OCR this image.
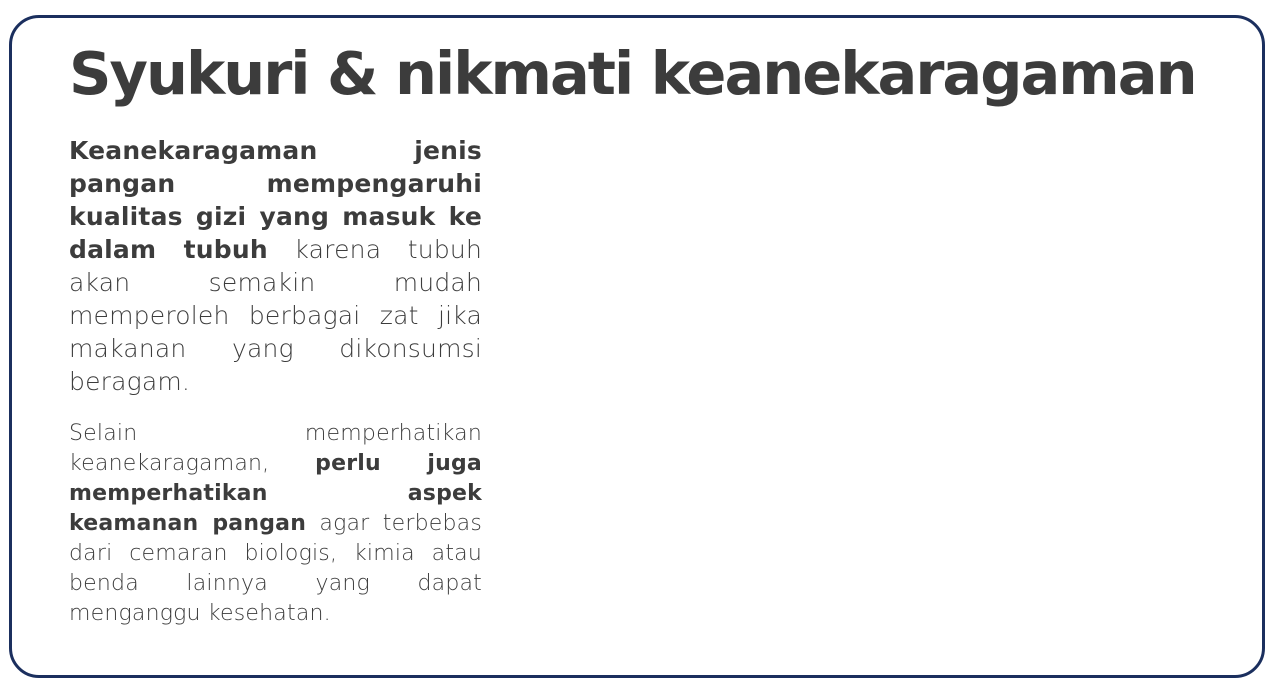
Syukuri & nikmati keanekaragaman

Keanekaragaman jenis pangan mempengaruhi kualitas gizi yang masuk ke dalam tubuh karena tubuh akan semakin mudah memperoleh berbagai zat jika makanan yang dikonsumsi beragam.

Selain memperhatikan keanekaragaman, perlu juga memperhatikan aspek keamanan pangan agar terbebas dari cemaran biologis, kimia atau benda lainnya yang dapat menganggu kesehatan.
